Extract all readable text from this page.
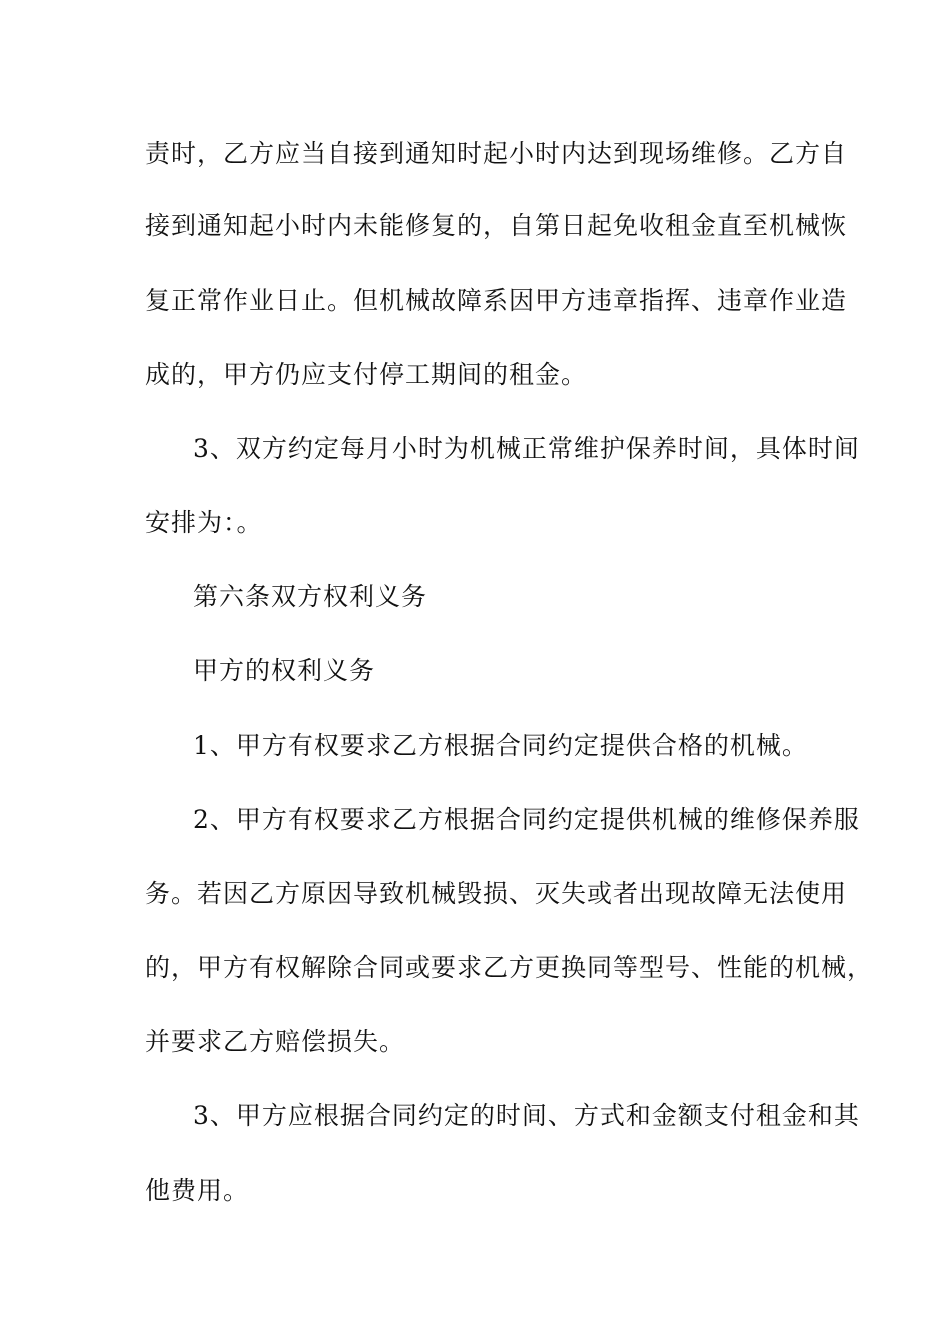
责时，乙方应当自接到通知时起小时内达到现场维修。乙方自
接到通知起小时内未能修复的，自第日起免收租金直至机械恢
复正常作业日止。但机械故障系因甲方违章指挥、违章作业造
成的，甲方仍应支付停工期间的租金。
3、双方约定每月小时为机械正常维护保养时间，具体时间
安排为：。
第六条双方权利义务
甲方的权利义务
1、甲方有权要求乙方根据合同约定提供合格的机械。
2、甲方有权要求乙方根据合同约定提供机械的维修保养服
务。若因乙方原因导致机械毁损、灭失或者出现故障无法使用
的，甲方有权解除合同或要求乙方更换同等型号、性能的机械，
并要求乙方赔偿损失。
3、甲方应根据合同约定的时间、方式和金额支付租金和其
他费用。
